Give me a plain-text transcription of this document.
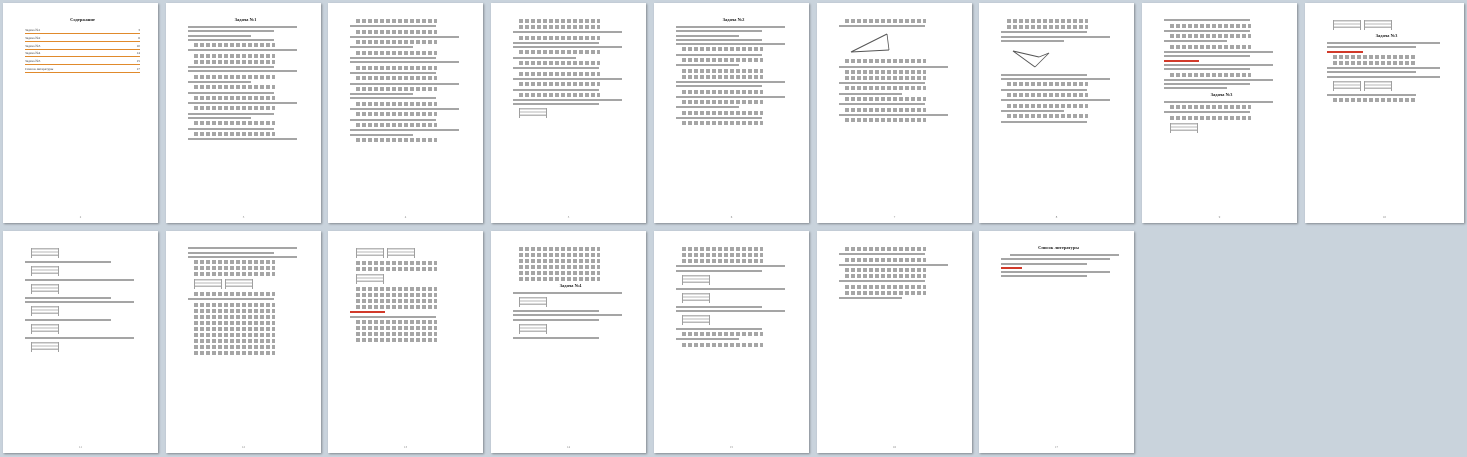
Содержание
Задача №1	3
Задача №2	6
Задача №3	10
Задача №4	14
Задача №5	15
Список литературы	17
2
Задача №1
3	4	5
Задача №2
6	7	8
Задача №3
9
Задача №3
10
11	12	13
Задача №4
14	15	16
Список литературы
17
